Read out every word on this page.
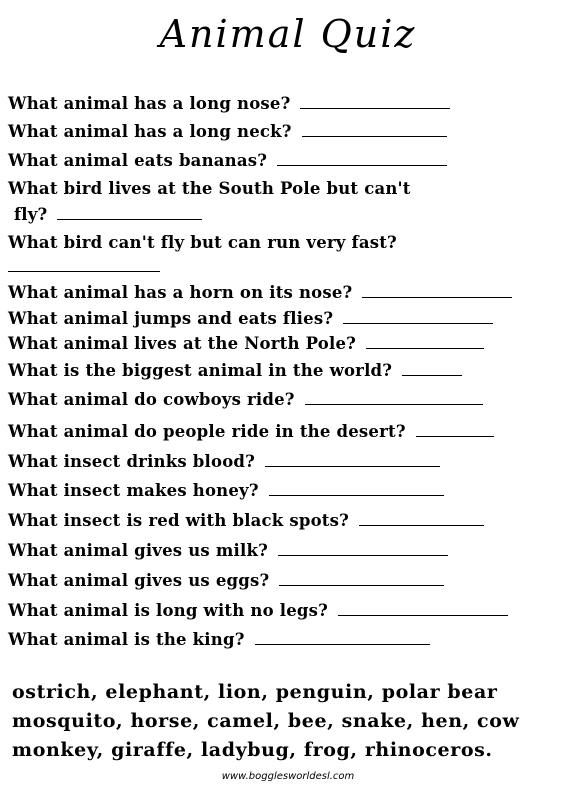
Animal Quiz
What animal has a long nose?
What animal has a long neck?
What animal eats bananas?
What bird lives at the South Pole but can't
fly?
What bird can't fly but can run very fast?
What animal has a horn on its nose?
What animal jumps and eats flies?
What animal lives at the North Pole?
What is the biggest animal in the world?
What animal do cowboys ride?
What animal do people ride in the desert?
What insect drinks blood?
What insect makes honey?
What insect is red with black spots?
What animal gives us milk?
What animal gives us eggs?
What animal is long with no legs?
What animal is the king?
ostrich, elephant, lion, penguin, polar bear
mosquito, horse, camel, bee, snake, hen, cow
monkey, giraffe, ladybug, frog, rhinoceros.
www.bogglesworldesl.com
